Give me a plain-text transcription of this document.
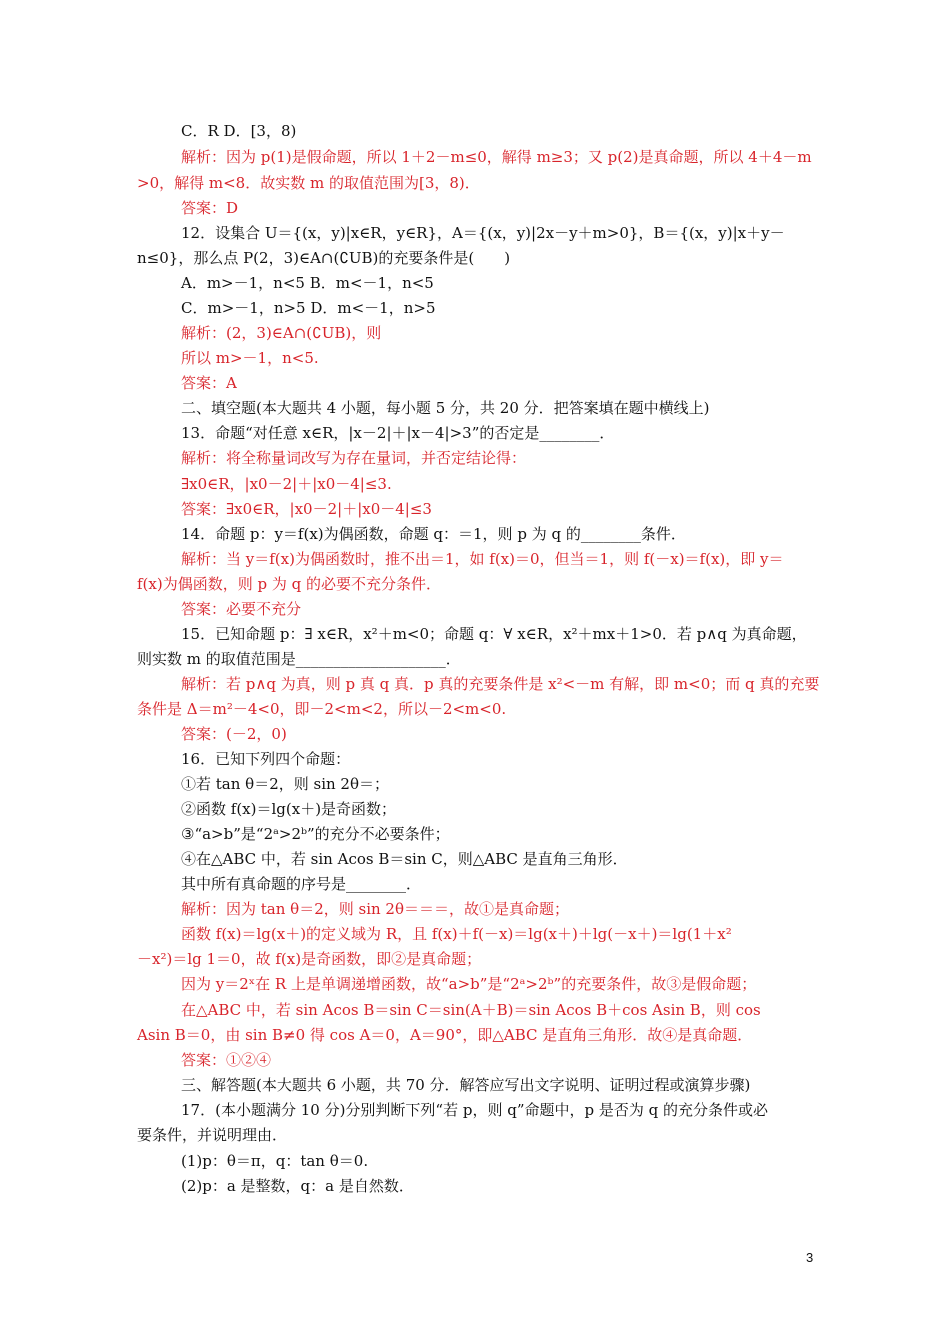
C．R D．[3，8)
解析：因为 p(1)是假命题，所以 1＋2－m≤0，解得 m≥3；又 p(2)是真命题，所以 4＋4－m
>0，解得 m<8．故实数 m 的取值范围为[3，8)．
答案：D
12．设集合 U＝{(x，y)|x∈R，y∈R}，A＝{(x，y)|2x－y＋m>0}，B＝{(x，y)|x＋y－
n≤0}，那么点 P(2，3)∈A∩(∁UB)的充要条件是(　　)
A．m>－1，n<5 B．m<－1，n<5
C．m>－1，n>5 D．m<－1，n>5
解析：(2，3)∈A∩(∁UB)，则
所以 m>－1，n<5.
答案：A
二、填空题(本大题共 4 小题，每小题 5 分，共 20 分．把答案填在题中横线上)
13．命题“对任意 x∈R，|x－2|＋|x－4|>3”的否定是________．
解析：将全称量词改写为存在量词，并否定结论得：
∃x0∈R，|x0－2|＋|x0－4|≤3.
答案：∃x0∈R，|x0－2|＋|x0－4|≤3
14．命题 p：y＝f(x)为偶函数，命题 q：＝1，则 p 为 q 的________条件．
解析：当 y＝f(x)为偶函数时，推不出＝1，如 f(x)＝0，但当＝1，则 f(－x)＝f(x)，即 y＝
f(x)为偶函数，则 p 为 q 的必要不充分条件．
答案：必要不充分
15．已知命题 p：∃ x∈R，x²＋m<0；命题 q：∀ x∈R，x²＋mx＋1>0．若 p∧q 为真命题，
则实数 m 的取值范围是____________________．
解析：若 p∧q 为真，则 p 真 q 真．p 真的充要条件是 x²<－m 有解，即 m<0；而 q 真的充要
条件是 Δ＝m²－4<0，即－2<m<2，所以－2<m<0.
答案：(－2，0)
16．已知下列四个命题：
①若 tan θ＝2，则 sin 2θ＝；
②函数 f(x)＝lg(x＋)是奇函数；
③“a>b”是“2ᵃ>2ᵇ”的充分不必要条件；
④在△ABC 中，若 sin Acos B＝sin C，则△ABC 是直角三角形．
其中所有真命题的序号是________．
解析：因为 tan θ＝2，则 sin 2θ＝＝＝，故①是真命题；
函数 f(x)＝lg(x＋)的定义域为 R，且 f(x)＋f(－x)＝lg(x＋)＋lg(－x＋)＝lg(1＋x²
－x²)＝lg 1＝0，故 f(x)是奇函数，即②是真命题；
因为 y＝2ˣ在 R 上是单调递增函数，故“a>b”是“2ᵃ>2ᵇ”的充要条件，故③是假命题；
在△ABC 中，若 sin Acos B＝sin C＝sin(A＋B)＝sin Acos B＋cos Asin B，则 cos
Asin B＝0，由 sin B≠0 得 cos A＝0，A＝90°，即△ABC 是直角三角形．故④是真命题．
答案：①②④
三、解答题(本大题共 6 小题，共 70 分．解答应写出文字说明、证明过程或演算步骤)
17．(本小题满分 10 分)分别判断下列“若 p，则 q”命题中，p 是否为 q 的充分条件或必
要条件，并说明理由．
(1)p：θ＝π，q：tan θ＝0.
(2)p：a 是整数，q：a 是自然数．
3
